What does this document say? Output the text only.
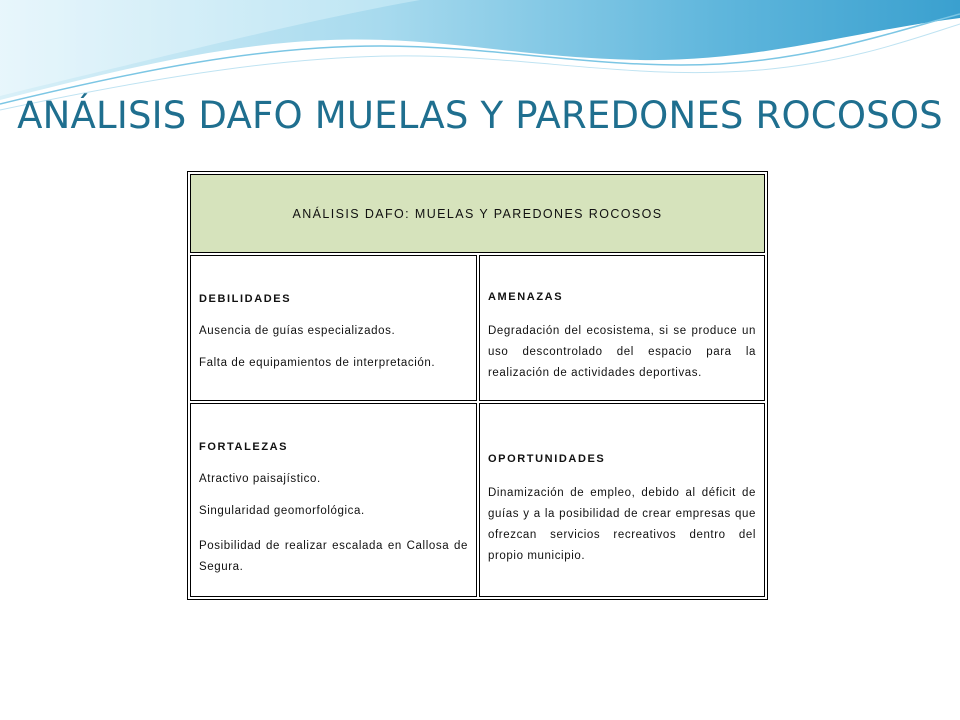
ANÁLISIS DAFO MUELAS Y PAREDONES ROCOSOS
ANÁLISIS DAFO: MUELAS Y PAREDONES ROCOSOS

DEBILIDADES

Ausencia de guías especializados.

Falta de equipamientos de interpretación.

AMENAZAS

Degradación del ecosistema, si se produce un uso descontrolado del espacio para la realización de actividades deportivas.

FORTALEZAS

Atractivo paisajístico.

Singularidad geomorfológica.

Posibilidad de realizar escalada en Callosa de Segura.

OPORTUNIDADES

Dinamización de empleo, debido al déficit de guías y a la posibilidad de crear empresas que ofrezcan servicios recreativos dentro del propio municipio.
